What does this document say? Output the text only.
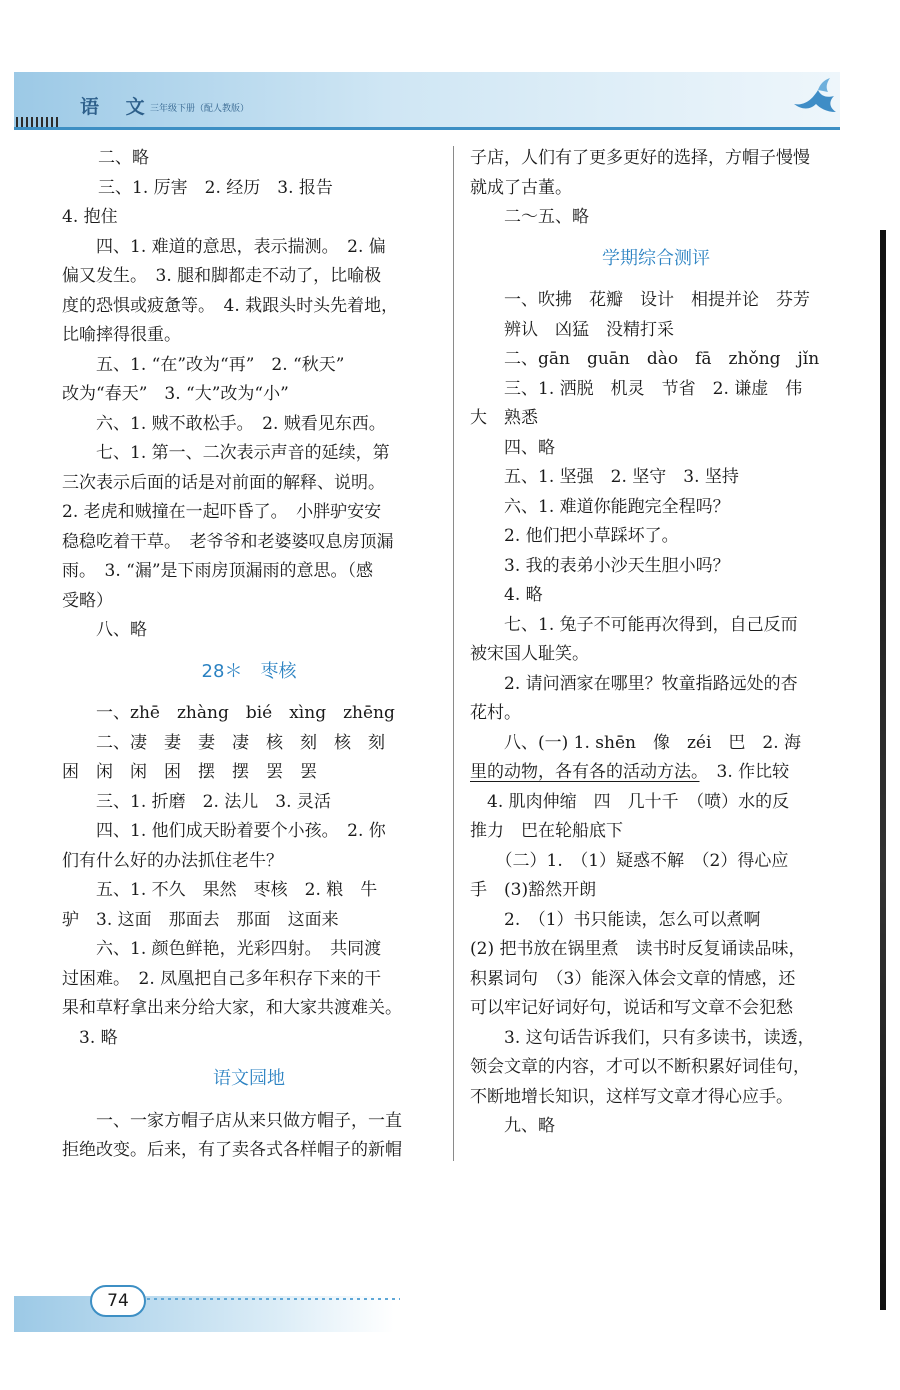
语 文
三年级下册（配人教版）

二、略

三、1. 厉害　2. 经历　3. 报告

4. 抱住

　　四、1. 难道的意思，表示揣测。　2. 偏

偏又发生。　3. 腿和脚都走不动了，比喻极

度的恐惧或疲惫等。　4. 栽跟头时头先着地，

比喻摔得很重。

　　五、1. “在”改为“再”　2. “秋天”

改为“春天”　3. “大”改为“小”

　　六、1. 贼不敢松手。　2. 贼看见东西。

　　七、1. 第一、二次表示声音的延续，第

三次表示后面的话是对前面的解释、说明。

2. 老虎和贼撞在一起吓昏了。　小胖驴安安

稳稳吃着干草。　老爷爷和老婆婆叹息房顶漏

雨。　3. “漏”是下雨房顶漏雨的意思。（感

受略）

　　八、略

28＊　枣核

　　一、zhē　zhàng　bié　xìng　zhēng

　　二、凄　妻　妻　凄　核　刻　核　刻

困　闲　闲　困　摆　摆　罢　罢

　　三、1. 折磨　2. 法儿　3. 灵活

　　四、1. 他们成天盼着要个小孩。　2. 你

们有什么好的办法抓住老牛？

　　五、1. 不久　果然　枣核　2. 粮　牛

驴　3. 这面　那面去　那面　这面来

　　六、1. 颜色鲜艳，光彩四射。　共同渡

过困难。　2. 凤凰把自己多年积存下来的干

果和草籽拿出来分给大家，和大家共渡难关。

　3. 略

语文园地

　　一、一家方帽子店从来只做方帽子，一直

拒绝改变。后来，有了卖各式各样帽子的新帽

子店，人们有了更多更好的选择，方帽子慢慢

就成了古董。

　　二～五、略

学期综合测评

　　一、吹拂　花瓣　设计　相提并论　芬芳

　　辨认　凶猛　没精打采

　　二、gān　guān　dào　fā　zhǒng　jǐn

　　三、1. 洒脱　机灵　节省　2. 谦虚　伟

大　熟悉

　　四、略

　　五、1. 坚强　2. 坚守　3. 坚持

　　六、1. 难道你能跑完全程吗？

　　2. 他们把小草踩坏了。

　　3. 我的表弟小沙天生胆小吗？

　　4. 略

　　七、1. 兔子不可能再次得到，自己反而

被宋国人耻笑。

　　2. 请问酒家在哪里？牧童指路远处的杏

花村。

　　八、(一) 1. shēn　像　zéi　巴　2. 海

里的动物，各有各的活动方法。　3. 作比较

　4. 肌肉伸缩　四　几十千　（喷）水的反

推力　巴在轮船底下

　　（二）1.　（1）疑惑不解　（2）得心应

手　(3)豁然开朗

　　2.　（1）书只能读，怎么可以煮啊

(2) 把书放在锅里煮　读书时反复诵读品味，

积累词句　（3）能深入体会文章的情感，还

可以牢记好词好句，说话和写文章不会犯愁

　　3. 这句话告诉我们，只有多读书，读透，

领会文章的内容，才可以不断积累好词佳句，

不断地增长知识，这样写文章才得心应手。

　　九、略

74
